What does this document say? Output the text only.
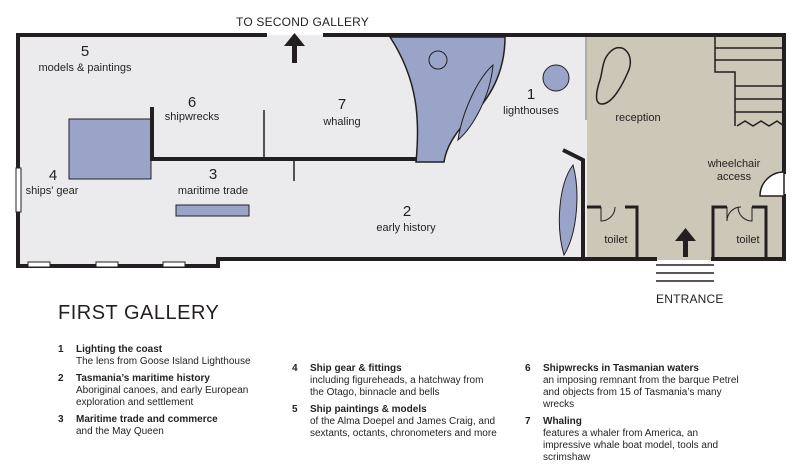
TO SECOND GALLERY
ENTRANCE
5
models & paintings
6
shipwrecks
7
whaling
1
lighthouses
4
ships' gear
3
maritime trade
2
early history
reception
wheelchair
access
toilet	toilet
FIRST GALLERY
1 Lighting the coast
The lens from Goose Island Lighthouse
2 Tasmania’s maritime history
Aboriginal canoes, and early European exploration and settlement
3 Maritime trade and commerce
and the May Queen
4 Ship gear & fittings
including figureheads, a hatchway from the Otago, binnacle and bells
5 Ship paintings & models
of the Alma Doepel and James Craig, and sextants, octants, chronometers and more
6 Shipwrecks in Tasmanian waters
an imposing remnant from the barque Petrel and objects from 15 of Tasmania’s many wrecks
7 Whaling
features a whaler from America, an impressive whale boat model, tools and scrimshaw
